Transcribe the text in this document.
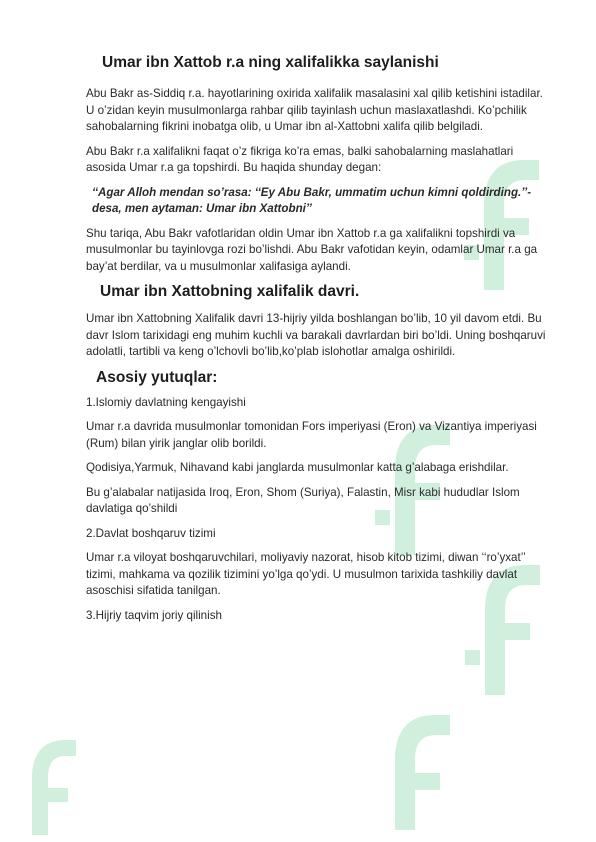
Umar ibn Xattob r.a ning xalifalikka saylanishi

Abu Bakr as-Siddiq r.a. hayotlarining oxirida xalifalik masalasini xal qilib ketishini istadilar. U o’zidan keyin musulmonlarga rahbar qilib tayinlash uchun maslaxatlashdi. Ko’pchilik sahobalarning fikrini inobatga olib, u Umar ibn al-Xattobni xalifa qilib belgiladi.

Abu Bakr r.a xalifalikni faqat o’z fikriga ko’ra emas, balki sahobalarning maslahatlari asosida Umar r.a ga topshirdi. Bu haqida shunday degan:

‘‘Agar Alloh mendan so’rasa: ‘‘Ey Abu Bakr, ummatim uchun kimni qoldirding.’’-desa, men aytaman: Umar ibn Xattobni’’

Shu tariqa, Abu Bakr vafotlaridan oldin Umar ibn Xattob r.a ga xalifalikni topshirdi va musulmonlar bu tayinlovga rozi bo’lishdi. Abu Bakr vafotidan keyin, odamlar Umar r.a ga bay’at berdilar, va u musulmonlar xalifasiga aylandi.

Umar ibn Xattobning xalifalik davri.

Umar ibn Xattobning Xalifalik davri 13-hijriy yilda boshlangan bo’lib, 10 yil davom etdi. Bu davr Islom tarixidagi eng muhim kuchli va barakali davrlardan biri bo’ldi. Uning boshqaruvi adolatli, tartibli va keng o’lchovli bo’lib,ko’plab islohotlar amalga oshirildi.

Asosiy yutuqlar:

1.Islomiy davlatning kengayishi

Umar r.a davrida musulmonlar tomonidan Fors imperiyasi (Eron) va Vizantiya imperiyasi (Rum) bilan yirik janglar olib borildi.

Qodisiya,Yarmuk, Nihavand kabi janglarda musulmonlar katta g’alabaga erishdilar.

Bu g’alabalar natijasida Iroq, Eron, Shom (Suriya), Falastin, Misr kabi hududlar Islom davlatiga qo’shildi

2.Davlat boshqaruv tizimi

Umar r.a viloyat boshqaruvchilari, moliyaviy nazorat, hisob kitob tizimi, diwan ‘‘ro’yxat’’ tizimi, mahkama va qozilik tizimini yo’lga qo’ydi. U musulmon tarixida tashkiliy davlat asoschisi sifatida tanilgan.

3.Hijriy taqvim joriy qilinish
